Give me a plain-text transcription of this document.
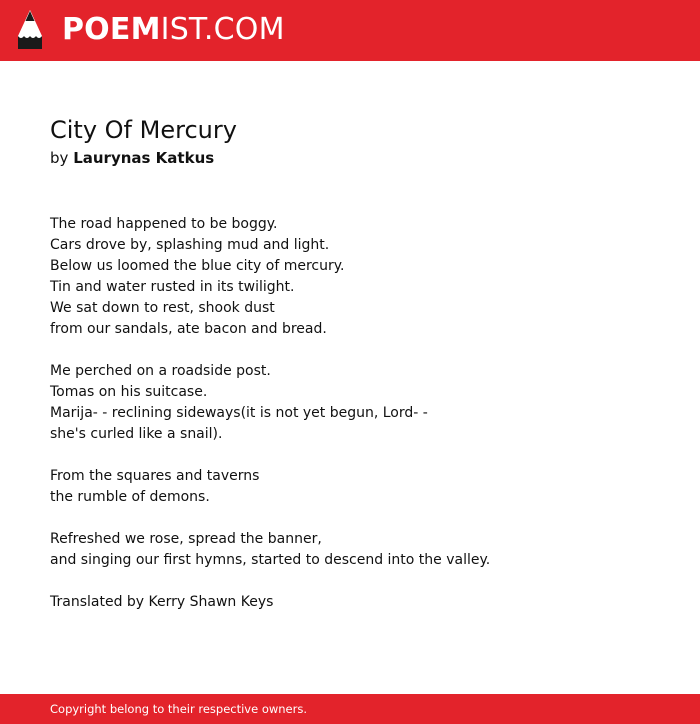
POEMIST.COM
City Of Mercury
by Laurynas Katkus
The road happened to be boggy.
Cars drove by, splashing mud and light.
Below us loomed the blue city of mercury.
Tin and water rusted in its twilight.
We sat down to rest, shook dust
from our sandals, ate bacon and bread.
Me perched on a roadside post.
Tomas on his suitcase.
Marija- - reclining sideways(it is not yet begun, Lord- -
she's curled like a snail).
From the squares and taverns
the rumble of demons.
Refreshed we rose, spread the banner,
and singing our first hymns, started to descend into the valley.
Translated by Kerry Shawn Keys
Copyright belong to their respective owners.
